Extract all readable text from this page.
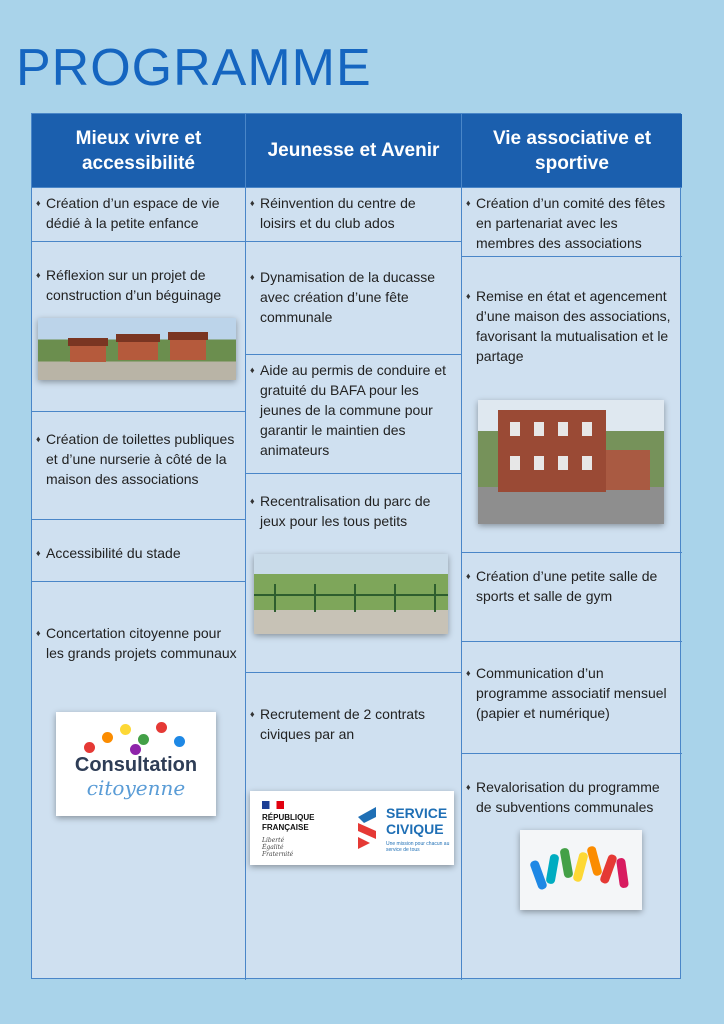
PROGRAMME
Mieux vivre et accessibilité
♦ Création d’un espace de vie dédié à la petite enfance
♦ Réflexion sur un projet de construction d’un béguinage
♦ Création de toilettes publiques et d’une nurserie à côté de la maison des associations
♦ Accessibilité du stade
♦ Concertation citoyenne pour les grands projets communaux
Consultation
citoyenne
Jeunesse et Avenir
♦ Réinvention du centre de loisirs et du club ados
♦ Dynamisation de la ducasse avec création d’une fête communale
♦ Aide au permis de conduire et gratuité du BAFA pour les jeunes de la commune pour garantir le maintien des animateurs
♦ Recentralisation du parc de jeux pour les tous petits
♦ Recrutement de 2 contrats civiques par an
RÉPUBLIQUE
FRANÇAISE
Liberté
Égalité
Fraternité
SERVICE
CIVIQUE
Une mission pour chacun au service de tous
Vie associative et sportive
♦ Création d’un comité des fêtes en partenariat avec les membres des associations
♦ Remise en état et agencement d’une maison des associations, favorisant la mutualisation et le partage
♦ Création d’une petite salle de sports et salle de gym
♦ Communication d’un programme associatif mensuel (papier et numérique)
♦ Revalorisation du programme de subventions communales
